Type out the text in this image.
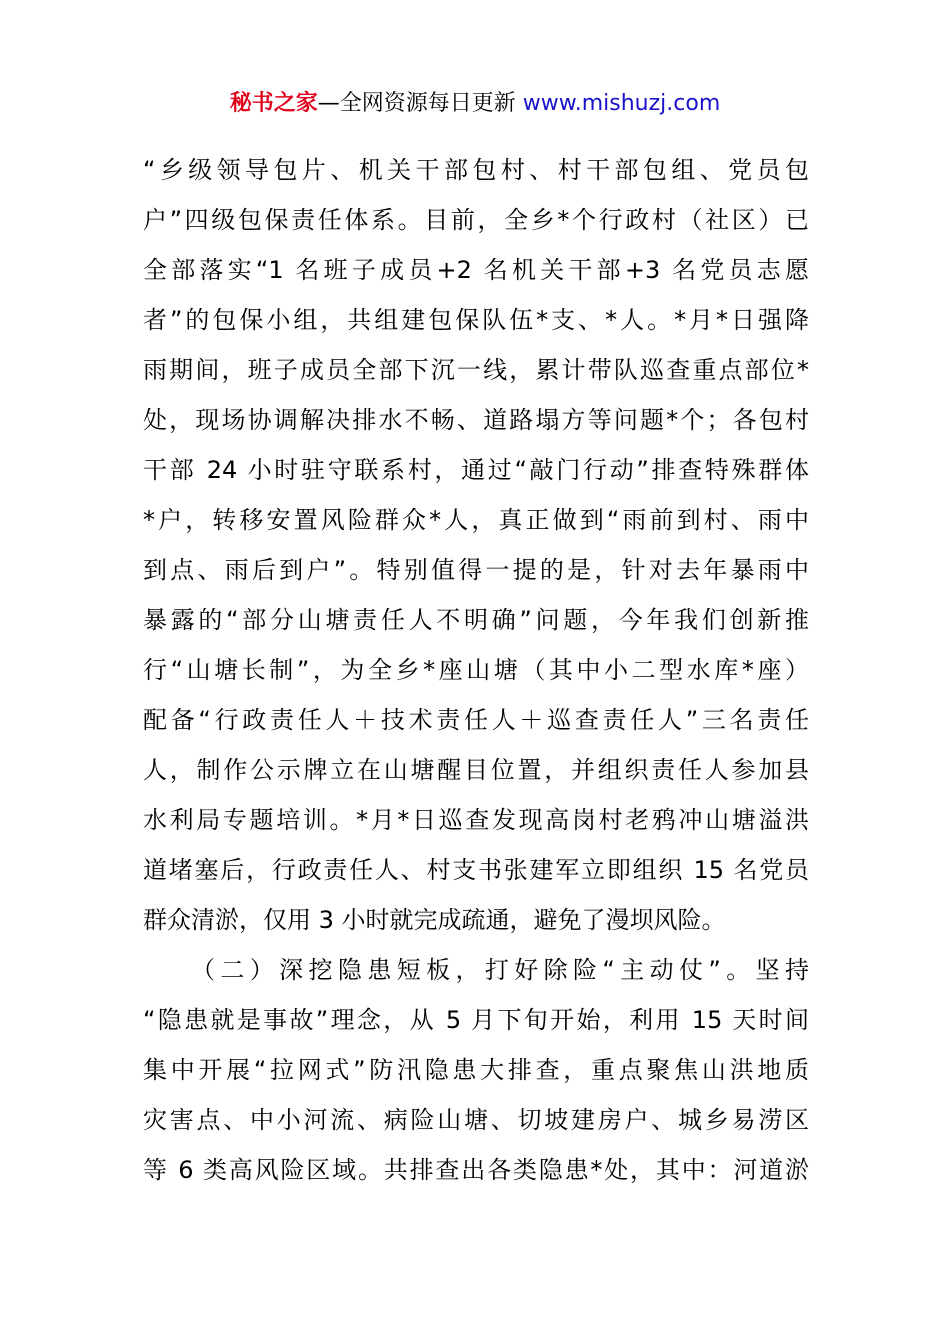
秘书之家—全网资源每日更新 www.mishuzj.com
“乡级领导包片、机关干部包村、村干部包组、党员包
户”四级包保责任体系。目前，全乡*个行政村（社区）已
全部落实“1 名班子成员+2 名机关干部+3 名党员志愿
者”的包保小组，共组建包保队伍*支、*人。*月*日强降
雨期间，班子成员全部下沉一线，累计带队巡查重点部位*
处，现场协调解决排水不畅、道路塌方等问题*个；各包村
干部 24 小时驻守联系村，通过“敲门行动”排查特殊群体
*户，转移安置风险群众*人，真正做到“雨前到村、雨中
到点、雨后到户”。特别值得一提的是，针对去年暴雨中
暴露的“部分山塘责任人不明确”问题，今年我们创新推
行“山塘长制”，为全乡*座山塘（其中小二型水库*座）
配备“行政责任人＋技术责任人＋巡查责任人”三名责任
人，制作公示牌立在山塘醒目位置，并组织责任人参加县
水利局专题培训。*月*日巡查发现高岗村老鸦冲山塘溢洪
道堵塞后，行政责任人、村支书张建军立即组织 15 名党员
群众清淤，仅用 3 小时就完成疏通，避免了漫坝风险。
（二）深挖隐患短板，打好除险“主动仗”。坚持
“隐患就是事故”理念，从 5 月下旬开始，利用 15 天时间
集中开展“拉网式”防汛隐患大排查，重点聚焦山洪地质
灾害点、中小河流、病险山塘、切坡建房户、城乡易涝区
等 6 类高风险区域。共排查出各类隐患*处，其中：河道淤
